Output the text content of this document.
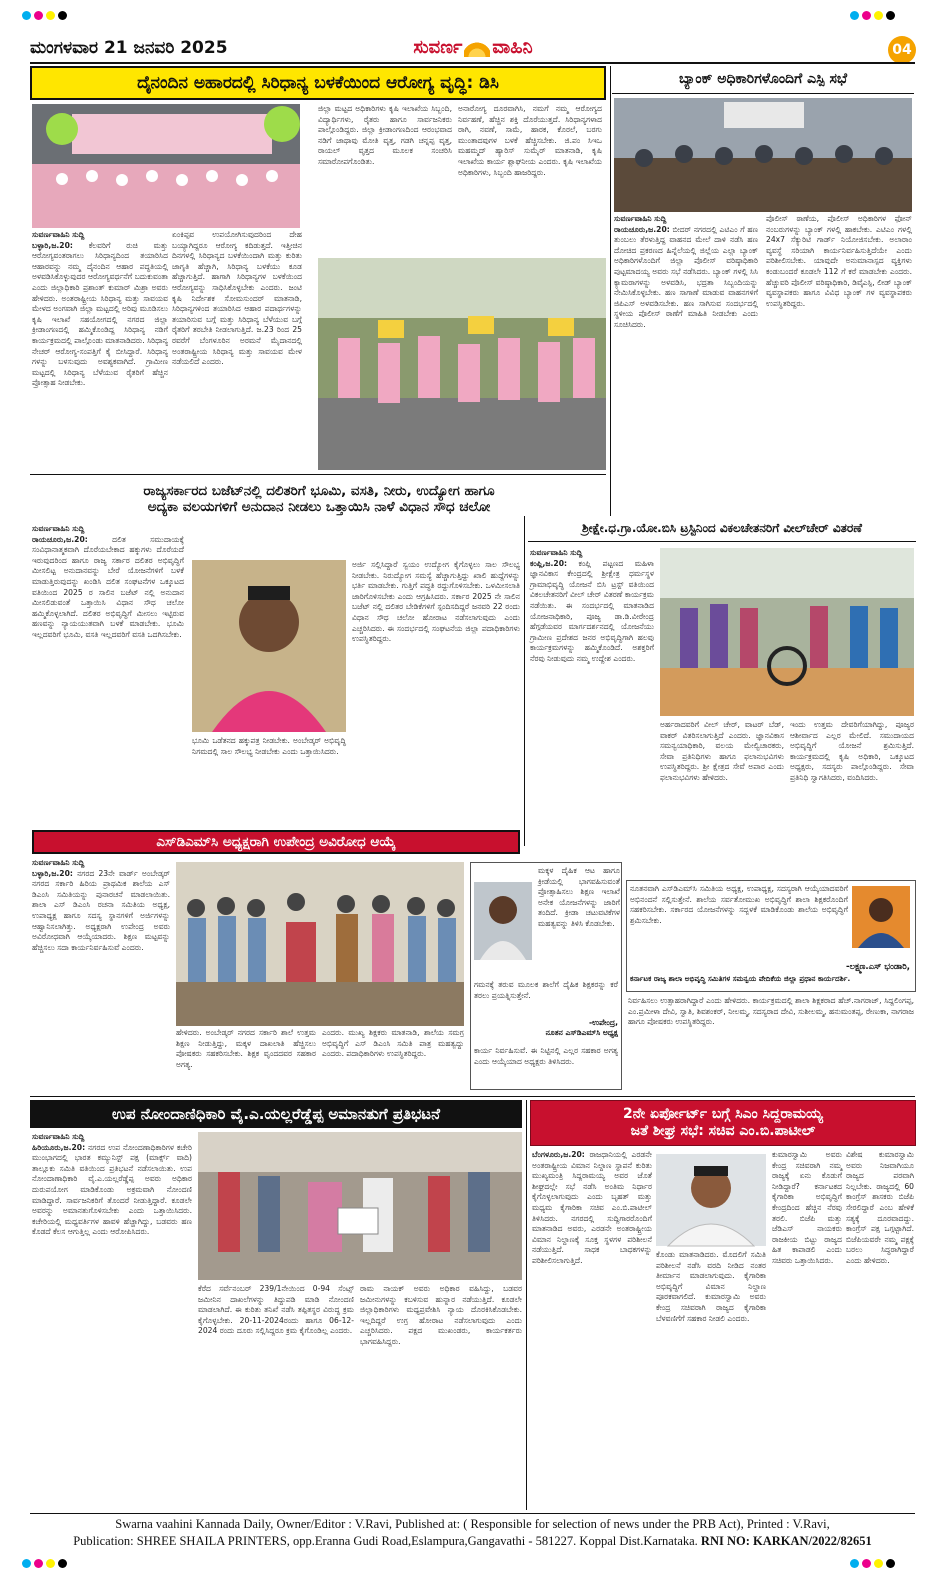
ಮಂಗಳವಾರ 21 ಜನವರಿ 2025	ಸುವರ್ಣ ವಾಹಿನಿ	04
ದೈನಂದಿನ ಅಹಾರದಲ್ಲಿ ಸಿರಿಧಾನ್ಯ ಬಳಕೆಯಿಂದ ಆರೋಗ್ಯ ವೃದ್ಧಿ: ಡಿಸಿ
ಸುವರ್ಣವಾಹಿನಿ ಸುದ್ದಿ
ಬಳ್ಳಾರಿ,ಜ.20: ಕೆಲವರಿಗೆ ರುಚಿ ಮತ್ತು ಆರೋಗ್ಯವಂತರಾಗಲು ಸಿರಿಧಾನ್ಯದಿಂದ ತಯಾರಿಸಿದ ಆಹಾರವನ್ನು ನಮ್ಮ ದೈನಂದಿನ ಆಹಾರ ಪದ್ಧತಿಯಲ್ಲಿ ಅಳವಡಿಸಿಕೊಳ್ಳುವುದರ ಆರೋಗ್ಯವರ್ಧನೆಗೆ ಬದುಕುವಂತಾ ಎಂದು ಜಿಲ್ಲಾಧಿಕಾರಿ ಪ್ರಶಾಂತ್ ಕುಮಾರ್ ಮಿಶ್ರಾ ಅವರು ಹೇಳಿದರು. ಅಂತರಾಷ್ಟ್ರೀಯ ಸಿರಿಧಾನ್ಯ ಮತ್ತು ಸಾವಯವ ಮೇಳದ ಅಂಗವಾಗಿ ಜಿಲ್ಲಾ ಮಟ್ಟದಲ್ಲಿ ಅರಿವು ಮೂಡಿಸಲು ಕೃಷಿ ಇಲಾಖೆ ಸಹಯೋಗದಲ್ಲಿ ನಗರದ ಜಿಲ್ಲಾ ಕ್ರೀಡಾಂಗಣದಲ್ಲಿ ಹಮ್ಮಿಕೊಂಡಿದ್ದ ಸಿರಿಧಾನ್ಯ ನಡಿಗೆ ಕಾರ್ಯಕ್ರಮದಲ್ಲಿ ಪಾಲ್ಗೊಂಡು ಮಾತನಾಡಿದರು. ಸಿರಿಧಾನ್ಯ ನೇಚರ್ ಆರೋಗ್ಯ-ಸಂಪತ್ತಿಗೆ ಕೈ ಬೀಸಿದ್ದಾರೆ. ಸಿರಿಧಾನ್ಯ ಗಳನ್ನು ಬಳಸುವುದು ಅವಶ್ಯಕವಾಗಿದೆ. ಗ್ರಾಮೀಣ ಮಟ್ಟದಲ್ಲಿ ಸಿರಿಧಾನ್ಯ ಬೆಳೆಯುವ ರೈತರಿಗೆ ಹೆಚ್ಚಿನ ಪ್ರೋತ್ಸಾಹ ನೀಡಬೇಕು.
ಏಂಕಿಪ್ಪವ ಉಪಯೋಗಿಸುವುದರಿಂದ ದೇಹ ಬಯ್ಯಾಗಿದ್ದರೂ ಆರೋಗ್ಯ ಕದಿಡುತ್ತದೆ. ಇತ್ತೀಚಿನ ದಿನಗಳಲ್ಲಿ ಸಿರಿಧಾನ್ಯದ ಬಳಕೆಯಿಂದಾಗಿ ಮತ್ತು ಕುರಿತು ಜಾಗೃತಿ ಹೆಚ್ಚಾಗಿ, ಸಿರಿಧಾನ್ಯ ಬಳಕೆಯು ಕೂಡ ಹೆಚ್ಚಾಗುತ್ತಿದೆ. ಹಾಗಾಗಿ ಸಿರಿಧಾನ್ಯಗಳ ಬಳಕೆಯಿಂದ ಆರೋಗ್ಯವನ್ನು ಸಾಧಿಸಿಕೊಳ್ಳಬೇಕು ಎಂದರು. ಜಂಟಿ ಕೃಷಿ ನಿರ್ದೇಶಕ ಸೋಮಸುಂದರ್ ಮಾತನಾಡಿ, ಸಿರಿಧಾನ್ಯಗಳಿಂದ ತಯಾರಿಸಿದ ಆಹಾರ ಪದಾರ್ಥಗಳನ್ನು ತಯಾರಿಸುವ ಬಗ್ಗೆ ಮತ್ತು ಸಿರಿಧಾನ್ಯ ಬೆಳೆಯುವ ಬಗ್ಗೆ ರೈತರಿಗೆ ತರಬೇತಿ ನೀಡಲಾಗುತ್ತಿದೆ. ಜ.23 ರಿಂದ 25 ರವರೆಗೆ ಬೆಂಗಳೂರಿನ ಅರಮನೆ ಮೈದಾನದಲ್ಲಿ ಅಂತರಾಷ್ಟ್ರೀಯ ಸಿರಿಧಾನ್ಯ ಮತ್ತು ಸಾವಯವ ಮೇಳ ನಡೆಯಲಿದೆ ಎಂದರು.
ಜಿಲ್ಲಾ ಮಟ್ಟದ ಅಧಿಕಾರಿಗಳು ಕೃಷಿ ಇಲಾಖೆಯ ಸಿಬ್ಬಂದಿ, ವಿದ್ಯಾರ್ಥಿಗಳು, ರೈತರು ಹಾಗೂ ಸಾರ್ವಜನಿಕರು ಪಾಲ್ಗೊಂಡಿದ್ದರು. ಜಿಲ್ಲಾ ಕ್ರೀಡಾಂಗಣದಿಂದ ಆರಂಭವಾದ ನಡಿಗೆ ಜಾಥಾವು ಮೋತಿ ವೃತ್ತ, ಗಡಗಿ ಚನ್ನಪ್ಪ ವೃತ್ತ, ರಾಯಲ್ ವೃತ್ತದ ಮೂಲಕ ಸಂಚರಿಸಿ ಸಮಾರೋಪಗೊಂಡಿತು.
ಅನಾರೋಗ್ಯ ದೂರವಾಗಿಸಿ, ನಮಗೆ ನಮ್ಮ ಆರೋಗ್ಯದ ನಿರ್ವಹಣೆ, ಹೆಚ್ಚಿನ ಶಕ್ತಿ ದೊರೆಯುತ್ತದೆ. ಸಿರಿಧಾನ್ಯಗಳಾದ ರಾಗಿ, ನವಣೆ, ಸಾಮೆ, ಹಾರಕ, ಕೊರಲೆ, ಬರಗು ಮುಂತಾದವುಗಳ ಬಳಕೆ ಹೆಚ್ಚಿಸಬೇಕು. ಜಿ.ಪಂ ಸಿಇಒ ಮಹಮ್ಮದ್ ಹ್ಯಾರಿಸ್ ಸುಮೈರ್ ಮಾತನಾಡಿ, ಕೃಷಿ ಇಲಾಖೆಯ ಕಾರ್ಯ ಶ್ಲಾಘನೀಯ ಎಂದರು. ಕೃಷಿ ಇಲಾಖೆಯ ಅಧಿಕಾರಿಗಳು, ಸಿಬ್ಬಂದಿ ಹಾಜರಿದ್ದರು.
ಬ್ಯಾಂಕ್ ಅಧಿಕಾರಿಗಳೊಂದಿಗೆ ಎಸ್ಪಿ ಸಭೆ
ಸುವರ್ಣವಾಹಿನಿ ಸುದ್ದಿ
ರಾಯಚೂರು,ಜ.20: ಬೀದರ್ ನಗರದಲ್ಲಿ ಎಟಿಎಂ ಗೆ ಹಣ ತುಂಬಲು ತೆರಳುತ್ತಿದ್ದ ವಾಹನದ ಮೇಲೆ ದಾಳಿ ನಡೆಸಿ ಹಣ ದೋಚಿದ ಪ್ರಕರಣದ ಹಿನ್ನೆಲೆಯಲ್ಲಿ ಜಿಲ್ಲೆಯ ಎಲ್ಲಾ ಬ್ಯಾಂಕ್ ಅಧಿಕಾರಿಗಳೊಂದಿಗೆ ಜಿಲ್ಲಾ ಪೊಲೀಸ್ ವರಿಷ್ಠಾಧಿಕಾರಿ ಪುಟ್ಟಮಾದಯ್ಯ ಅವರು ಸಭೆ ನಡೆಸಿದರು. ಬ್ಯಾಂಕ್ ಗಳಲ್ಲಿ ಸಿಸಿ ಕ್ಯಾಮರಾಗಳನ್ನು ಅಳವಡಿಸಿ, ಭದ್ರತಾ ಸಿಬ್ಬಂದಿಯನ್ನು ನೇಮಿಸಿಕೊಳ್ಳಬೇಕು. ಹಣ ಸಾಗಾಣೆ ಮಾಡುವ ವಾಹನಗಳಿಗೆ ಜಿಪಿಎಸ್ ಅಳವಡಿಸಬೇಕು. ಹಣ ಸಾಗಿಸುವ ಸಂದರ್ಭದಲ್ಲಿ ಸ್ಥಳೀಯ ಪೊಲೀಸ್ ಠಾಣೆಗೆ ಮಾಹಿತಿ ನೀಡಬೇಕು ಎಂದು ಸೂಚಿಸಿದರು.
ಪೊಲೀಸ್ ಠಾಣೆಯ, ಪೊಲೀಸ್ ಅಧಿಕಾರಿಗಳ ಫೋನ್ ನಂಬರುಗಳನ್ನು ಬ್ಯಾಂಕ್ ಗಳಲ್ಲಿ ಹಾಕಬೇಕು. ಎಟಿಎಂ ಗಳಲ್ಲಿ 24x7 ಸೆಕ್ಯುರಿಟಿ ಗಾರ್ಡ್ ನಿಯೋಜಿಸಬೇಕು. ಅಲಾರಾಂ ವ್ಯವಸ್ಥೆ ಸರಿಯಾಗಿ ಕಾರ್ಯನಿರ್ವಹಿಸುತ್ತಿದೆಯೇ ಎಂದು ಪರಿಶೀಲಿಸಬೇಕು. ಯಾವುದೇ ಅನುಮಾನಾಸ್ಪದ ವ್ಯಕ್ತಿಗಳು ಕಂಡುಬಂದರೆ ಕೂಡಲೇ 112 ಗೆ ಕರೆ ಮಾಡಬೇಕು ಎಂದರು. ಹೆಚ್ಚುವರಿ ಪೊಲೀಸ್ ವರಿಷ್ಠಾಧಿಕಾರಿ, ಡಿವೈಎಸ್ಪಿ, ಲೀಡ್ ಬ್ಯಾಂಕ್ ವ್ಯವಸ್ಥಾಪಕರು ಹಾಗೂ ವಿವಿಧ ಬ್ಯಾಂಕ್ ಗಳ ವ್ಯವಸ್ಥಾಪಕರು ಉಪಸ್ಥಿತರಿದ್ದರು.
ರಾಜ್ಯಸರ್ಕಾರದ ಬಜೆಟ್‌ನಲ್ಲಿ ದಲಿತರಿಗೆ ಭೂಮಿ, ವಸತಿ, ನೀರು, ಉದ್ಯೋಗ ಹಾಗೂ
ಅದ್ಯಕಾ ವಲಯಗಳಿಗೆ ಅನುದಾನ ನೀಡಲು ಒತ್ತಾಯಿಸಿ ನಾಳೆ ವಿಧಾನ ಸೌಧ ಚಲೋ
ಸುವರ್ಣವಾಹಿನಿ ಸುದ್ದಿ
ರಾಯಚೂರು,ಜ.20:	ದಲಿತ ಸಮುದಾಯಕ್ಕೆ ಸಂವಿಧಾನಾತ್ಮಕವಾಗಿ ದೊರೆಯಬೇಕಾದ ಹಕ್ಕುಗಳು ದೊರೆಯದೆ ಇರುವುದರಿಂದ ಹಾಗೂ ರಾಜ್ಯ ಸರ್ಕಾರ ದಲಿತರ ಅಭಿವೃದ್ಧಿಗೆ ಮೀಸಲಿಟ್ಟ ಅನುದಾನವನ್ನು ಬೇರೆ ಯೋಜನೆಗಳಿಗೆ ಬಳಕೆ ಮಾಡುತ್ತಿರುವುದನ್ನು ಖಂಡಿಸಿ ದಲಿತ ಸಂಘಟನೆಗಳ ಒಕ್ಕೂಟದ ವತಿಯಿಂದ 2025 ರ ಸಾಲಿನ ಬಜೆಟ್ ನಲ್ಲಿ ಅನುದಾನ ಮೀಸಲಿಡುವಂತೆ ಒತ್ತಾಯಿಸಿ ವಿಧಾನ ಸೌಧ ಚಲೋ ಹಮ್ಮಿಕೊಳ್ಳಲಾಗಿದೆ. ದಲಿತರ ಅಭಿವೃದ್ಧಿಗೆ ಮೀಸಲು ಇಟ್ಟಿರುವ ಹಣವನ್ನು ನ್ಯಾಯಯುತವಾಗಿ ಬಳಕೆ ಮಾಡಬೇಕು. ಭೂಮಿ ಇಲ್ಲದವರಿಗೆ ಭೂಮಿ, ವಸತಿ ಇಲ್ಲದವರಿಗೆ ವಸತಿ ಒದಗಿಸಬೇಕು.
ಭೂಮಿ ಒಡೆತನದ ಹಕ್ಕುಪತ್ರ ನೀಡಬೇಕು. ಅಂಬೇಡ್ಕರ್ ಅಭಿವೃದ್ಧಿ ನಿಗಮದಲ್ಲಿ ಸಾಲ ಸೌಲಭ್ಯ ನೀಡಬೇಕು ಎಂದು ಒತ್ತಾಯಿಸಿದರು.
ಅರ್ಜಿ ಸಲ್ಲಿಸಿದ್ದಾರೆ ಸ್ವಯಂ ಉದ್ಯೋಗ ಕೈಗೊಳ್ಳಲು ಸಾಲ ಸೌಲಭ್ಯ ನೀಡಬೇಕು. ನಿರುದ್ಯೋಗ ಸಮಸ್ಯೆ ಹೆಚ್ಚಾಗುತ್ತಿದ್ದು ಖಾಲಿ ಹುದ್ದೆಗಳನ್ನು ಭರ್ತಿ ಮಾಡಬೇಕು. ಗುತ್ತಿಗೆ ಪದ್ಧತಿ ರದ್ದುಗೊಳಿಸಬೇಕು. ಒಳಮೀಸಲಾತಿ ಜಾರಿಗೊಳಿಸಬೇಕು ಎಂದು ಆಗ್ರಹಿಸಿದರು. ಸರ್ಕಾರ 2025 ನೇ ಸಾಲಿನ ಬಜೆಟ್ ನಲ್ಲಿ ದಲಿತರ ಬೇಡಿಕೆಗಳಿಗೆ ಸ್ಪಂದಿಸದಿದ್ದರೆ ಜನವರಿ 22 ರಂದು ವಿಧಾನ ಸೌಧ ಚಲೋ ಹೋರಾಟ ನಡೆಸಲಾಗುವುದು ಎಂದು ಎಚ್ಚರಿಸಿದರು. ಈ ಸಂದರ್ಭದಲ್ಲಿ ಸಂಘಟನೆಯ ಜಿಲ್ಲಾ ಪದಾಧಿಕಾರಿಗಳು ಉಪಸ್ಥಿತರಿದ್ದರು.
ಶ್ರೀಕ್ಷೇ.ಧ.ಗ್ರಾ.ಯೋ.ಬಿಸಿ ಟ್ರಸ್ಟಿನಿಂದ ವಿಕಲಚೇತನರಿಗೆ ವೀಲ್‌ಚೇರ್ ವಿತರಣೆ
ಸುವರ್ಣವಾಹಿನಿ ಸುದ್ದಿ
ಕಂಪ್ಲಿ,ಜ.20: ಕಂಪ್ಲಿ ಪಟ್ಟಣದ ಮಹಿಳಾ ಜ್ಞಾನವಿಕಾಸ ಕೇಂದ್ರದಲ್ಲಿ ಶ್ರೀಕ್ಷೇತ್ರ ಧರ್ಮಸ್ಥಳ ಗ್ರಾಮಾಭಿವೃದ್ಧಿ ಯೋಜನೆ ಬಿಸಿ ಟ್ರಸ್ಟ್ ವತಿಯಿಂದ ವಿಕಲಚೇತನರಿಗೆ ವೀಲ್ ಚೇರ್ ವಿತರಣೆ ಕಾರ್ಯಕ್ರಮ ನಡೆಯಿತು. ಈ ಸಂದರ್ಭದಲ್ಲಿ ಮಾತನಾಡಿದ ಯೋಜನಾಧಿಕಾರಿ, ಪೂಜ್ಯ ಡಾ.ಡಿ.ವೀರೇಂದ್ರ ಹೆಗ್ಗಡೆಯವರ ಮಾರ್ಗದರ್ಶನದಲ್ಲಿ ಯೋಜನೆಯು ಗ್ರಾಮೀಣ ಪ್ರದೇಶದ ಜನರ ಅಭಿವೃದ್ಧಿಗಾಗಿ ಹಲವು ಕಾರ್ಯಕ್ರಮಗಳನ್ನು ಹಮ್ಮಿಕೊಂಡಿದೆ. ಅಶಕ್ತರಿಗೆ ನೆರವು ನೀಡುವುದು ನಮ್ಮ ಉದ್ದೇಶ ಎಂದರು.
ಅರ್ಹರಾದವರಿಗೆ ವೀಲ್ ಚೇರ್, ವಾಟರ್ ಬೆಡ್, ವಾಕರ್ ವಿತರಿಸಲಾಗುತ್ತಿದೆ ಎಂದರು. ಜ್ಞಾನವಿಕಾಸ ಸಮನ್ವಯಾಧಿಕಾರಿ, ವಲಯ ಮೇಲ್ವಿಚಾರಕರು, ಸೇವಾ ಪ್ರತಿನಿಧಿಗಳು ಹಾಗೂ ಫಲಾನುಭವಿಗಳು ಉಪಸ್ಥಿತರಿದ್ದರು. ಶ್ರೀ ಕ್ಷೇತ್ರದ ಸೇವೆ ಅಪಾರ ಎಂದು ಫಲಾನುಭವಿಗಳು ಹೇಳಿದರು.
ಇಂದು ಉತ್ತಮ ದೇವರಿಗೆಯಾಗಿದ್ದು, ಪೂಜ್ಯರ ಆಶೀರ್ವಾದ ಎಲ್ಲರ ಮೇಲಿದೆ. ಸಮುದಾಯದ ಅಭಿವೃದ್ಧಿಗೆ ಯೋಜನೆ ಶ್ರಮಿಸುತ್ತಿದೆ. ಕಾರ್ಯಕ್ರಮದಲ್ಲಿ ಕೃಷಿ ಅಧಿಕಾರಿ, ಒಕ್ಕೂಟದ ಅಧ್ಯಕ್ಷರು, ಸದಸ್ಯರು ಪಾಲ್ಗೊಂಡಿದ್ದರು. ಸೇವಾ ಪ್ರತಿನಿಧಿ ಸ್ವಾಗತಿಸಿದರು, ವಂದಿಸಿದರು.
ಎಸ್‌ಡಿಎಮ್‌ಸಿ ಅಧ್ಯಕ್ಷರಾಗಿ ಉಪೇಂದ್ರ ಅವಿರೋಧ ಆಯ್ಕೆ
ಸುವರ್ಣವಾಹಿನಿ ಸುದ್ದಿ
ಬಳ್ಳಾರಿ,ಜ.20: ನಗರದ 23ನೇ ವಾರ್ಡ್ ಅಂಬೇಡ್ಕರ್ ನಗರದ ಸರ್ಕಾರಿ ಹಿರಿಯ ಪ್ರಾಥಮಿಕ ಶಾಲೆಯ ಎಸ್ ಡಿಎಂಸಿ ಸಮಿತಿಯನ್ನು ಪುನಾರಚನೆ ಮಾಡಲಾಯಿತು. ಶಾಲಾ ಎಸ್ ಡಿಎಂಸಿ ರಚನಾ ಸಮಿತಿಯ ಅಧ್ಯಕ್ಷ, ಉಪಾಧ್ಯಕ್ಷ ಹಾಗೂ ಸದಸ್ಯ ಸ್ಥಾನಗಳಿಗೆ ಅರ್ಜಿಗಳನ್ನು ಆಹ್ವಾನಿಸಲಾಗಿತ್ತು. ಅಧ್ಯಕ್ಷರಾಗಿ ಉಪೇಂದ್ರ ಅವರು ಅವಿರೋಧವಾಗಿ ಆಯ್ಕೆಯಾದರು. ಶಿಕ್ಷಣ ಮಟ್ಟವನ್ನು ಹೆಚ್ಚಿಸಲು ಸದಾ ಕಾರ್ಯನಿರ್ವಹಿಸುವೆ ಎಂದರು.
ಹೇಳಿದರು. ಅಂಬೇಡ್ಕರ್ ನಗರದ ಸರ್ಕಾರಿ ಶಾಲೆ ಉತ್ತಮ ಶಿಕ್ಷಣ ನೀಡುತ್ತಿದ್ದು, ಮಕ್ಕಳ ದಾಖಲಾತಿ ಹೆಚ್ಚಿಸಲು ಪೋಷಕರು ಸಹಕರಿಸಬೇಕು. ಶಿಕ್ಷಕ ವೃಂದದವರ ಸಹಕಾರ ಅಗತ್ಯ.
ಎಂದರು. ಮುಖ್ಯ ಶಿಕ್ಷಕರು ಮಾತನಾಡಿ, ಶಾಲೆಯ ಸಮಗ್ರ ಅಭಿವೃದ್ಧಿಗೆ ಎಸ್ ಡಿಎಂಸಿ ಸಮಿತಿ ಪಾತ್ರ ಮಹತ್ವದ್ದು ಎಂದರು. ಪದಾಧಿಕಾರಿಗಳು ಉಪಸ್ಥಿತರಿದ್ದರು.
ಮಕ್ಕಳ ದೈಹಿಕ ಆಟ ಹಾಗೂ ಕ್ರೀಡೆಯಲ್ಲಿ ಭಾಗವಹಿಸುವಂತೆ ಪ್ರೋತ್ಸಾಹಿಸಲು ಶಿಕ್ಷಣ ಇಲಾಖೆ ಅನೇಕ ಯೋಜನೆಗಳನ್ನು ಜಾರಿಗೆ ತಂದಿದೆ. ಕ್ರೀಡಾ ಚಟುವಟಿಕೆಗಳ ಮಹತ್ವವನ್ನು ತಿಳಿಸಿ ಕೊಡಬೇಕು.
ಗಮನಕ್ಕೆ ತರುವ ಮೂಲಕ ಶಾಲೆಗೆ ದೈಹಿಕ ಶಿಕ್ಷಕರನ್ನು ಕರೆ ತರಲು ಪ್ರಯತ್ನಿಸುತ್ತೇನೆ.
-ಉಪೇಂದ್ರ,
ನೂತನ ಎಸ್‌ಡಿಎಮ್‌ಸಿ ಅಧ್ಯಕ್ಷ
ಕಾರ್ಯ ನಿರ್ವಹಿಸುವೆ. ಈ ನಿಟ್ಟಿನಲ್ಲಿ ಎಲ್ಲರ ಸಹಕಾರ ಅಗತ್ಯ ಎಂದು ಆಯ್ಕೆಯಾದ ಅಧ್ಯಕ್ಷರು ತಿಳಿಸಿದರು.
ನೂತನವಾಗಿ ಎಸ್‌ಡಿಎಮ್‌ಸಿ ಸಮಿತಿಯ ಅಧ್ಯಕ್ಷ, ಉಪಾಧ್ಯಕ್ಷ, ಸದಸ್ಯರಾಗಿ ಆಯ್ಕೆಯಾದವರಿಗೆ ಅಭಿನಂದನೆ ಸಲ್ಲಿಸುತ್ತೇನೆ. ಶಾಲೆಯ ಸರ್ವತೋಮುಖ ಅಭಿವೃದ್ಧಿಗೆ ಶಾಲಾ ಶಿಕ್ಷಕರೊಂದಿಗೆ ಸಹಕರಿಸಬೇಕು. ಸರ್ಕಾರದ ಯೋಜನೆಗಳನ್ನು ಸದ್ಬಳಕೆ ಮಾಡಿಕೊಂಡು ಶಾಲೆಯ ಅಭಿವೃದ್ಧಿಗೆ ಶ್ರಮಿಸಬೇಕು.
-ಲಕ್ಷ್ಮಣ.ಎಸ್ ಭಂಡಾರಿ,
ಕರ್ನಾಟಕ ರಾಜ್ಯ ಶಾಲಾ ಅಭಿವೃದ್ಧಿ ಸಮಿತಿಗಳ ಸಮನ್ವಯ ವೇದಿಕೆಯ ಜಿಲ್ಲಾ ಪ್ರಧಾನ ಕಾರ್ಯದರ್ಶಿ.
ನಿರ್ವಹಿಸಲು ಉತ್ಸಾಹರಾಗಿದ್ದಾರೆ ಎಂದು ಹೇಳಿದರು. ಕಾರ್ಯಕ್ರಮದಲ್ಲಿ ಶಾಲಾ ಶಿಕ್ಷಕರಾದ ಹೆಚ್.ನಾಗರಾಜ್, ಸಿದ್ದಲಿಂಗಪ್ಪ, ಎಂ.ಪ್ರಮೀಳಾ ದೇವಿ, ಸ್ವಾತಿ, ಶಿವಶಂಕರ್, ನೀಲಮ್ಮ, ಸದಸ್ಯರಾದ ದೇವಿ, ಸುಶೀಲಮ್ಮ, ಹನುಮಂತಪ್ಪ, ರೇಣುಕಾ, ನಾಗರಾಜ ಹಾಗೂ ಪೋಷಕರು ಉಪಸ್ಥಿತರಿದ್ದರು.
ಉಪ ನೋಂದಾಣಿಧಿಕಾರಿ ವೈ.ಎ.ಯಲ್ಲರೆಡ್ಡೆಪ್ಪ ಅಮಾನತುಗೆ ಪ್ರತಿಭಟನೆ
ಸುವರ್ಣವಾಹಿನಿ ಸುದ್ದಿ
ಹಿರಿಯೂರು,ಜ.20: ನಗರದ ಉಪ ನೋಂದಣಾಧಿಕಾರಿಗಳ ಕಚೇರಿ ಮುಂಭಾಗದಲ್ಲಿ ಭಾರತ ಕಮ್ಯುನಿಸ್ಟ್ ಪಕ್ಷ (ಮಾರ್ಕ್ಸ್ ವಾದಿ) ತಾಲ್ಲೂಕು ಸಮಿತಿ ವತಿಯಿಂದ ಪ್ರತಿಭಟನೆ ನಡೆಸಲಾಯಿತು. ಉಪ ನೋಂದಾಣಾಧಿಕಾರಿ ವೈ.ಎ.ಯಲ್ಲರೆಡ್ಡೆಪ್ಪ ಅವರು ಅಧಿಕಾರ ದುರುಪಯೋಗ ಮಾಡಿಕೊಂಡು ಅಕ್ರಮವಾಗಿ ನೋಂದಣಿ ಮಾಡಿದ್ದಾರೆ. ಸಾರ್ವಜನಿಕರಿಗೆ ತೊಂದರೆ ನೀಡುತ್ತಿದ್ದಾರೆ. ಕೂಡಲೇ ಅವರನ್ನು ಅಮಾನತುಗೊಳಿಸಬೇಕು ಎಂದು ಒತ್ತಾಯಿಸಿದರು. ಕಚೇರಿಯಲ್ಲಿ ಮಧ್ಯವರ್ತಿಗಳ ಹಾವಳಿ ಹೆಚ್ಚಾಗಿದ್ದು, ಬಡವರು ಹಣ ಕೊಡದೆ ಕೆಲಸ ಆಗುತ್ತಿಲ್ಲ ಎಂದು ಆರೋಪಿಸಿದರು.
ಕೆರೆದ ಸರ್ವೆನಂಬರ್ 239/1ನೇಯಿಂದ 0-94 ಸೆಂಟ್ಸ್ ಜಮೀನಿನ ದಾಖಲೆಗಳನ್ನು ತಿದ್ದುಪಡಿ ಮಾಡಿ ನೋಂದಣಿ ಮಾಡಲಾಗಿದೆ. ಈ ಕುರಿತು ತನಿಖೆ ನಡೆಸಿ ತಪ್ಪಿತಸ್ಥರ ವಿರುದ್ಧ ಕ್ರಮ ಕೈಗೊಳ್ಳಬೇಕು. 20-11-2024ರಂದು ಹಾಗೂ 06-12-2024 ರಂದು ದೂರು ಸಲ್ಲಿಸಿದ್ದರೂ ಕ್ರಮ ಕೈಗೊಂಡಿಲ್ಲ ಎಂದರು.
ರಾಮ ನಾಯಕ್ ಅವರು ಅಧಿಕಾರ ವಹಿಸಿದ್ದು, ಬಡವರ ಜಮೀನುಗಳನ್ನು ಕಬಳಿಸುವ ಹುನ್ನಾರ ನಡೆಯುತ್ತಿದೆ. ಕೂಡಲೇ ಜಿಲ್ಲಾಧಿಕಾರಿಗಳು ಮಧ್ಯಪ್ರವೇಶಿಸಿ ನ್ಯಾಯ ದೊರಕಿಸಿಕೊಡಬೇಕು. ಇಲ್ಲದಿದ್ದರೆ ಉಗ್ರ ಹೋರಾಟ ನಡೆಸಲಾಗುವುದು ಎಂದು ಎಚ್ಚರಿಸಿದರು. ಪಕ್ಷದ ಮುಖಂಡರು, ಕಾರ್ಯಕರ್ತರು ಭಾಗವಹಿಸಿದ್ದರು.
2ನೇ ಏರ್ಪೋರ್ಟ್ ಬಗ್ಗೆ ಸಿಎಂ ಸಿದ್ದರಾಮಯ್ಯ
ಜತೆ ಶೀಘ್ರ ಸಭೆ: ಸಚಿವ ಎಂ.ಬಿ.ಪಾಟೀಲ್
ಬೆಂಗಳೂರು,ಜ.20: ರಾಜಧಾನಿಯಲ್ಲಿ ಎರಡನೇ ಅಂತರಾಷ್ಟ್ರೀಯ ವಿಮಾನ ನಿಲ್ದಾಣ ಸ್ಥಾಪನೆ ಕುರಿತು ಮುಖ್ಯಮಂತ್ರಿ ಸಿದ್ದರಾಮಯ್ಯ ಅವರ ಜೊತೆ ಶೀಘ್ರದಲ್ಲೇ ಸಭೆ ನಡೆಸಿ ಅಂತಿಮ ನಿರ್ಧಾರ ಕೈಗೊಳ್ಳಲಾಗುವುದು ಎಂದು ಬೃಹತ್ ಮತ್ತು ಮಧ್ಯಮ ಕೈಗಾರಿಕಾ ಸಚಿವ ಎಂ.ಬಿ.ಪಾಟೀಲ್ ತಿಳಿಸಿದರು. ನಗರದಲ್ಲಿ ಸುದ್ದಿಗಾರರೊಂದಿಗೆ ಮಾತನಾಡಿದ ಅವರು, ಎರಡನೇ ಅಂತರಾಷ್ಟ್ರೀಯ ವಿಮಾನ ನಿಲ್ದಾಣಕ್ಕೆ ಸೂಕ್ತ ಸ್ಥಳಗಳ ಪರಿಶೀಲನೆ ನಡೆಯುತ್ತಿದೆ. ಸಾಧಕ ಬಾಧಕಗಳನ್ನು ಪರಿಶೀಲಿಸಲಾಗುತ್ತಿದೆ.
ಕೊಂಡು ಮಾತನಾಡಿದರು. ಮೊದಲಿಗೆ ಸಮಿತಿ ಪರಿಶೀಲನೆ ನಡೆಸಿ ವರದಿ ನೀಡಿದ ನಂತರ ತೀರ್ಮಾನ ಮಾಡಲಾಗುವುದು. ಕೈಗಾರಿಕಾ ಅಭಿವೃದ್ಧಿಗೆ ವಿಮಾನ ನಿಲ್ದಾಣ ಪೂರಕವಾಗಲಿದೆ. ಕುಮಾರಸ್ವಾಮಿ ಅವರು ಕೇಂದ್ರ ಸಚಿವರಾಗಿ ರಾಜ್ಯದ ಕೈಗಾರಿಕಾ ಬೆಳವಣಿಗೆಗೆ ಸಹಕಾರ ನೀಡಲಿ ಎಂದರು.
ಕುಮಾರಸ್ವಾಮಿ ಅವರು ಕೇಂದ್ರ ಸಚಿವರಾಗಿ ನಮ್ಮ ರಾಜ್ಯಕ್ಕೆ ಏನು ಕೊಡುಗೆ ನೀಡಿದ್ದಾರೆ? ಕರ್ನಾಟಕದ ಕೈಗಾರಿಕಾ ಅಭಿವೃದ್ಧಿಗೆ ಕೇಂದ್ರದಿಂದ ಹೆಚ್ಚಿನ ನೆರವು ತರಲಿ. ಬಿಜೆಪಿ ಮತ್ತು ಜೆಡಿಎಸ್ ನಾಯಕರು ರಾಜಕೀಯ ಬಿಟ್ಟು ರಾಜ್ಯದ ಹಿತ ಕಾಪಾಡಲಿ ಎಂದು ಸಚಿವರು ಒತ್ತಾಯಿಸಿದರು.
ವಿಶೇಷ ಕುಮಾರಸ್ವಾಮಿ ಅವರು ನಿಜವಾಗಿಯೂ ರಾಜ್ಯದ ಪರವಾಗಿ ನಿಲ್ಲಬೇಕು. ರಾಜ್ಯದಲ್ಲಿ 60 ಕಾಂಗ್ರೆಸ್ ಶಾಸಕರು ಬಿಜೆಪಿ ಸೇರಲಿದ್ದಾರೆ ಎಂಬ ಹೇಳಿಕೆ ಸತ್ಯಕ್ಕೆ ದೂರವಾದದ್ದು. ಕಾಂಗ್ರೆಸ್ ಪಕ್ಷ ಒಗ್ಗಟ್ಟಾಗಿದೆ. ಬಿಜೆಪಿಯವರೇ ನಮ್ಮ ಪಕ್ಷಕ್ಕೆ ಬರಲು ಸಿದ್ಧರಾಗಿದ್ದಾರೆ ಎಂದು ಹೇಳಿದರು.
Swarna vaahini Kannada Daily, Owner/Editor : V.Ravi, Published at: ( Responsible for selection of news under the PRB Act), Printed : V.Ravi,
Publication: SHREE SHAILA PRINTERS, opp.Eranna Gudi Road,Eslampura,Gangavathi - 581227. Koppal Dist.Karnataka. RNI NO: KARKAN/2022/82651
